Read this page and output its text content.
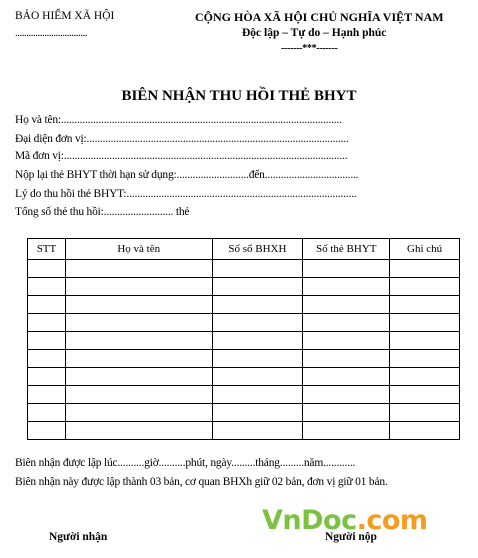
BẢO HIỂM XÃ HỘI
................................
CỘNG HÒA XÃ HỘI CHỦ NGHĨA VIỆT NAM
Độc lập – Tự do – Hạnh phúc
-------***-------
BIÊN NHẬN THU HỒI THẺ BHYT
Họ và tên:.........................................................................................................
Đại diện đơn vị:..................................................................................................
Mã đơn vị:..........................................................................................................
Nộp lại thẻ BHYT thời hạn sử dụng:...........................đến...................................
Lý do thu hồi thẻ BHYT:......................................................................................
Tổng số thẻ thu hồi:.......................... thẻ
STT	Họ và tên	Số sổ BHXH	Số thẻ BHYT	Ghi chú

Biên nhận được lập lúc..........giờ..........phút, ngày.........tháng.........năm............
Biên nhận này được lập thành 03 bản, cơ quan BHXh giữ 02 bản, đơn vị giữ 01 bản.
Người nhận	Người nộp
VnDoc.com
